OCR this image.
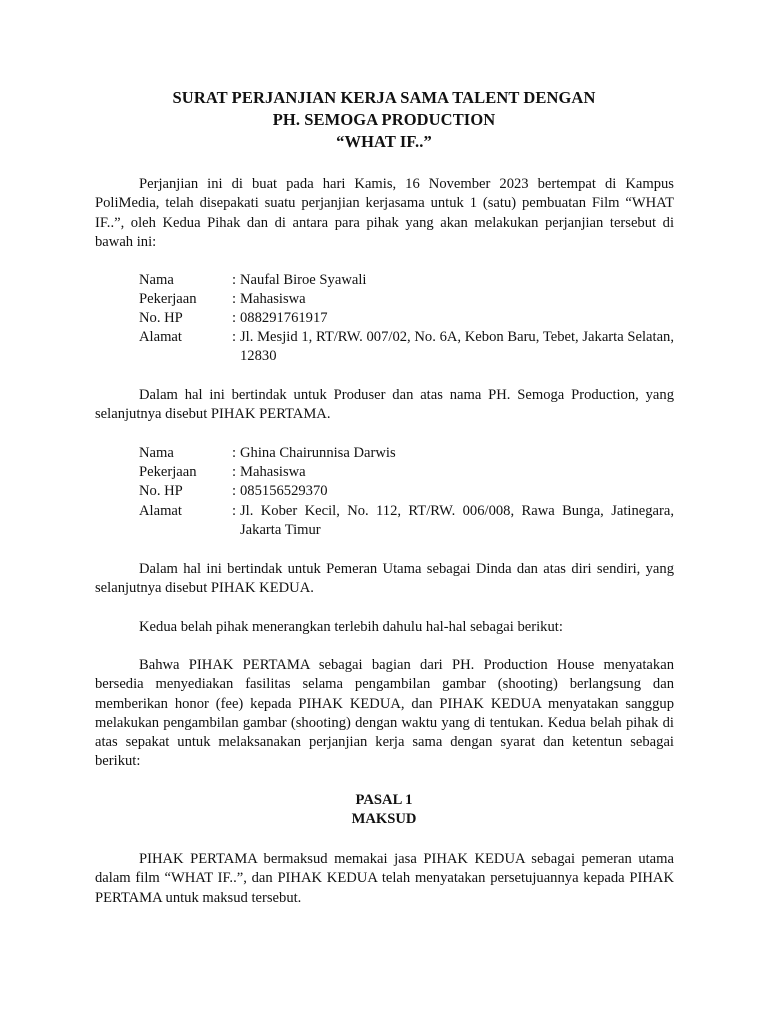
SURAT PERJANJIAN KERJA SAMA TALENT DENGAN
PH. SEMOGA PRODUCTION
“WHAT IF..”

Perjanjian ini di buat pada hari Kamis, 16 November 2023 bertempat di Kampus PoliMedia, telah disepakati suatu perjanjian kerjasama untuk 1 (satu) pembuatan Film “WHAT IF..”, oleh Kedua Pihak dan di antara para pihak yang akan melakukan perjanjian tersebut di bawah ini:

Nama	: Naufal Biroe Syawali
Pekerjaan : Mahasiswa
No. HP	: 088291761917
Alamat	: Jl. Mesjid 1, RT/RW. 007/02, No. 6A, Kebon Baru, Tebet, Jakarta Selatan, 12830

Dalam hal ini bertindak untuk Produser dan atas nama PH. Semoga Production, yang selanjutnya disebut PIHAK PERTAMA.

Nama	: Ghina Chairunnisa Darwis
Pekerjaan : Mahasiswa
No. HP	: 085156529370
Alamat	: Jl. Kober Kecil, No. 112, RT/RW. 006/008, Rawa Bunga, Jatinegara, Jakarta Timur

Dalam hal ini bertindak untuk Pemeran Utama sebagai Dinda dan atas diri sendiri, yang selanjutnya disebut PIHAK KEDUA.

Kedua belah pihak menerangkan terlebih dahulu hal-hal sebagai berikut:

Bahwa PIHAK PERTAMA sebagai bagian dari PH. Production House menyatakan bersedia menyediakan fasilitas selama pengambilan gambar (shooting) berlangsung dan memberikan honor (fee) kepada PIHAK KEDUA, dan PIHAK KEDUA menyatakan sanggup melakukan pengambilan gambar (shooting) dengan waktu yang di tentukan. Kedua belah pihak di atas sepakat untuk melaksanakan perjanjian kerja sama dengan syarat dan ketentun sebagai berikut:

PASAL 1
MAKSUD

PIHAK PERTAMA bermaksud memakai jasa PIHAK KEDUA sebagai pemeran utama dalam film “WHAT IF..”, dan PIHAK KEDUA telah menyatakan persetujuannya kepada PIHAK PERTAMA untuk maksud tersebut.
